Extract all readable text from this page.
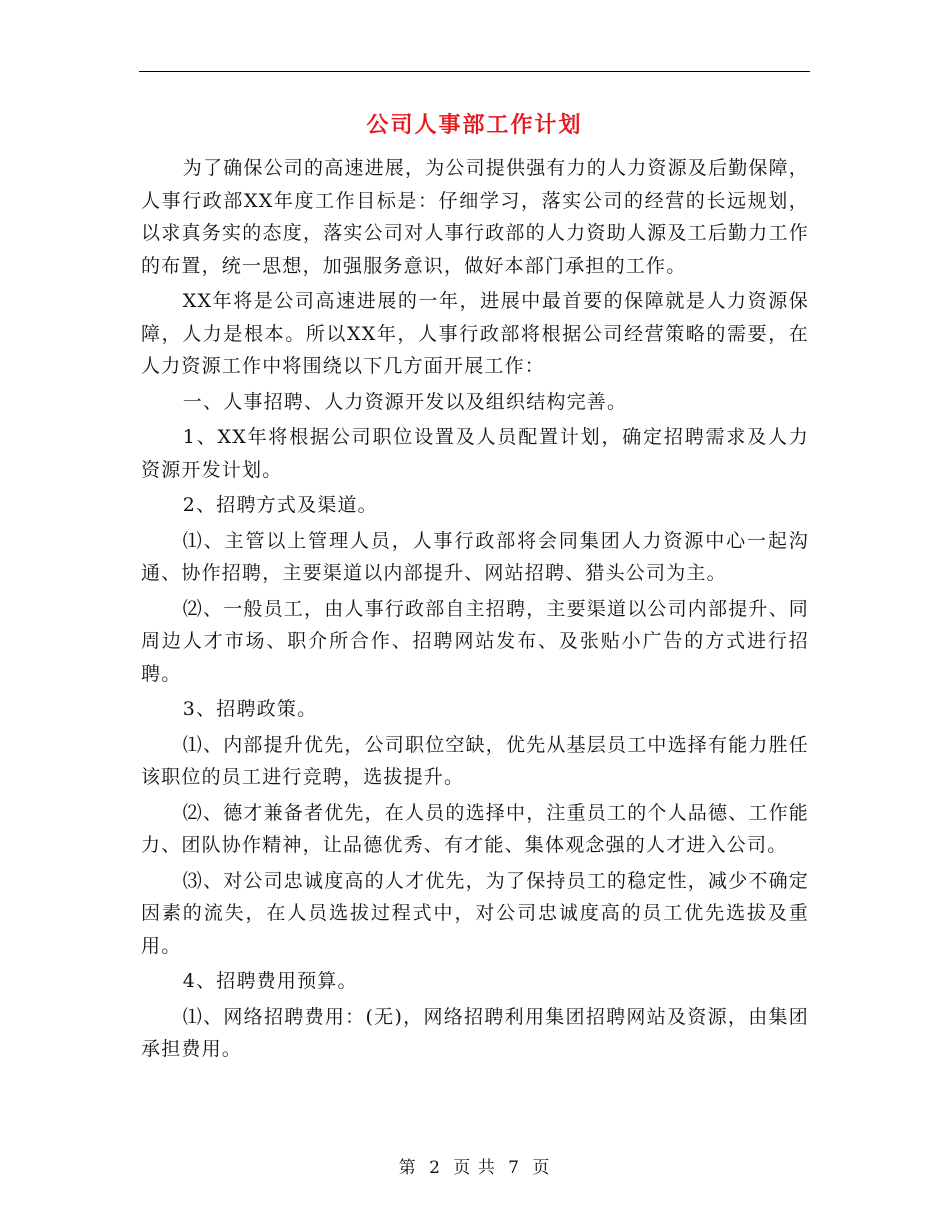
公司人事部工作计划

为了确保公司的高速进展，为公司提供强有力的人力资源及后勤保障，人事行政部XX年度工作目标是：仔细学习，落实公司的经营的长远规划，以求真务实的态度，落实公司对人事行政部的人力资助人源及工后勤力工作的布置，统一思想，加强服务意识，做好本部门承担的工作。

XX年将是公司高速进展的一年，进展中最首要的保障就是人力资源保障，人力是根本。所以XX年，人事行政部将根据公司经营策略的需要，在人力资源工作中将围绕以下几方面开展工作：

一、人事招聘、人力资源开发以及组织结构完善。

1、XX年将根据公司职位设置及人员配置计划，确定招聘需求及人力资源开发计划。

2、招聘方式及渠道。

⑴、主管以上管理人员，人事行政部将会同集团人力资源中心一起沟通、协作招聘，主要渠道以内部提升、网站招聘、猎头公司为主。

⑵、一般员工，由人事行政部自主招聘，主要渠道以公司内部提升、同周边人才市场、职介所合作、招聘网站发布、及张贴小广告的方式进行招聘。

3、招聘政策。

⑴、内部提升优先，公司职位空缺，优先从基层员工中选择有能力胜任该职位的员工进行竞聘，选拔提升。

⑵、德才兼备者优先，在人员的选择中，注重员工的个人品德、工作能力、团队协作精神，让品德优秀、有才能、集体观念强的人才进入公司。

⑶、对公司忠诚度高的人才优先，为了保持员工的稳定性，减少不确定因素的流失，在人员选拔过程式中，对公司忠诚度高的员工优先选拔及重用。

4、招聘费用预算。

⑴、网络招聘费用：(无)，网络招聘利用集团招聘网站及资源，由集团承担费用。

第 2 页 共 7 页
